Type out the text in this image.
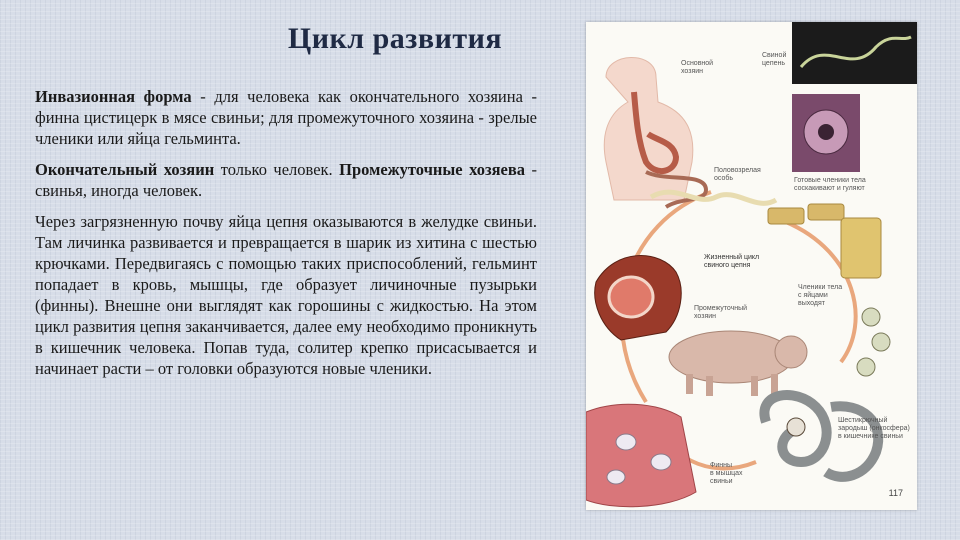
Цикл развития

Инвазионная форма - для человека как окончательного хозяина - финна цистицерк в мясе свиньи; для промежуточного хозяина - зрелые членики или яйца гельминта.

Окончательный хозяин только человек. Промежуточные хозяева - свинья, иногда человек.

Через загрязненную почву яйца цепня оказываются в желудке свиньи. Там личинка развивается и превращается в шарик из хитина с шестью крючками. Передвигаясь с помощью таких приспособлений, гельминт попадает в кровь, мышцы, где образует личиночные пузырьки (финны). Внешне они выглядят как горошины с жидкостью. На этом цикл развития цепня заканчивается, далее ему необходимо проникнуть в кишечник человека. Попав туда, солитер крепко присасывается и начинает расти – от головки образуются новые членики.

Основной
хозяин
Свиной
цепень
Половозрелая
особь	Готовые членики тела
соскакивают и гуляют
Жизненный цикл
свиного цепня
Промежуточный
хозяин
Членики тела
с яйцами
выходят
Шестикрючный
зародыш (онкосфера)
в кишечнике свиньи
Финны
в мышцах
свиньи
117
